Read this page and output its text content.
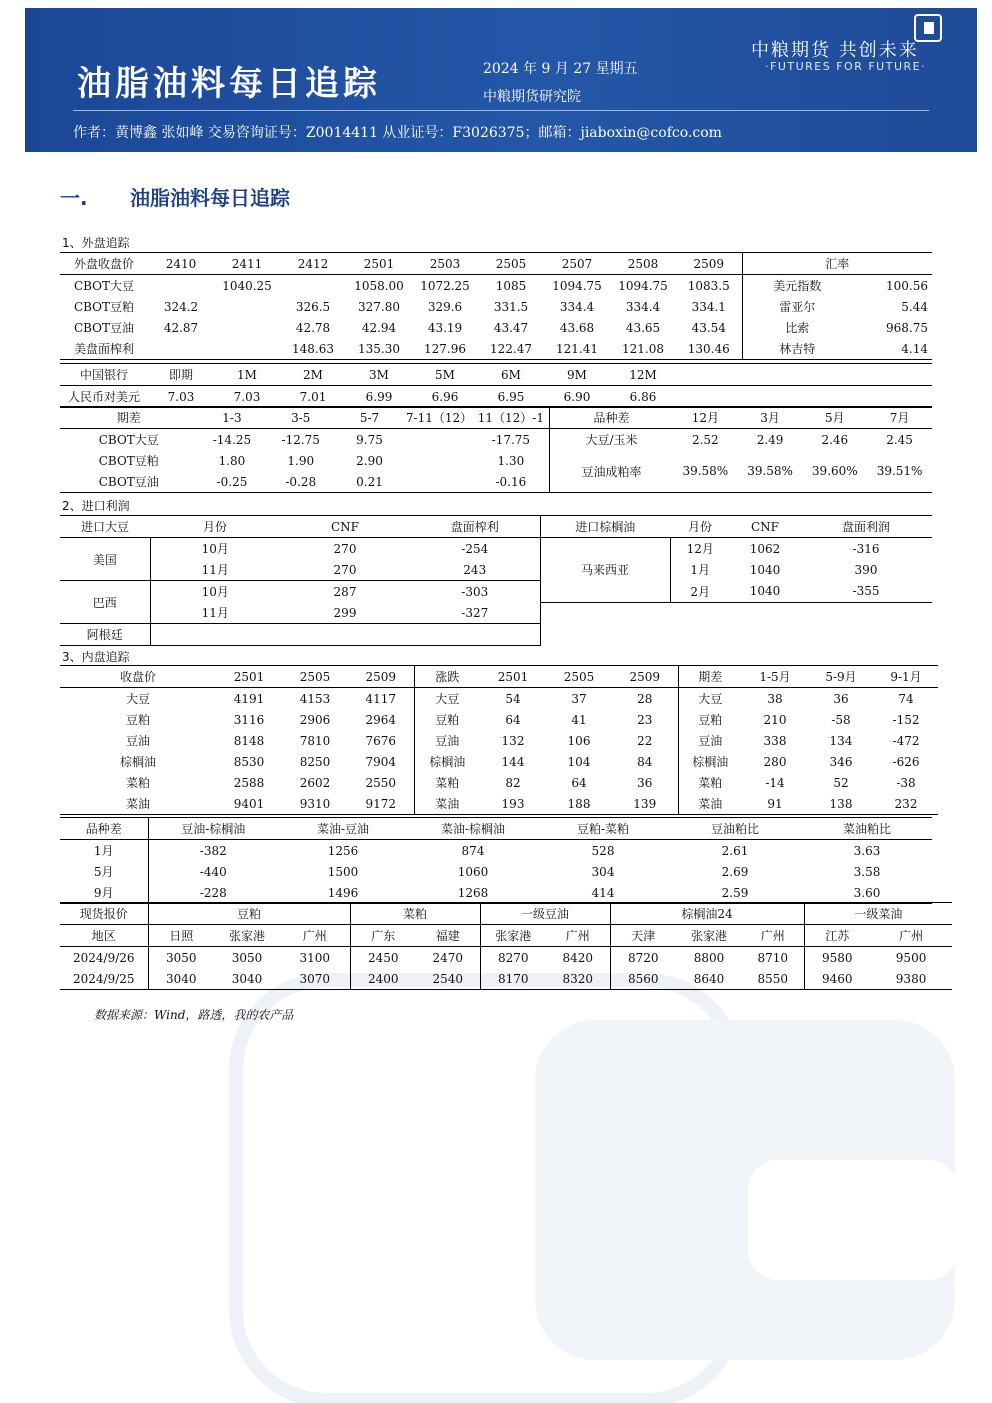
油脂油料每日追踪	2024 年 9 月 27 星期五
中粮期货研究院
中粮期货 共创未来
·FUTURES FOR FUTURE·
作者：黄博鑫 张如峰 交易咨询证号：Z0014411 从业证号：F3026375；邮箱：jiaboxin@cofco.com
一. 油脂油料每日追踪
1、外盘追踪
2、进口利润
3、内盘追踪
外盘收盘价	2410	2411	2412	2501	2503	2505	2507	2508	2509	汇率	
CBOT大豆		1040.25		1058.00	1072.25	1085	1094.75	1094.75	1083.5	美元指数	100.56
CBOT豆粕	324.2		326.5	327.80	329.6	331.5	334.4	334.4	334.1	雷亚尔	5.44
CBOT豆油	42.87		42.78	42.94	43.19	43.47	43.68	43.65	43.54	比索	968.75
美盘面榨利			148.63	135.30	127.96	122.47	121.41	121.08	130.46	林吉特	4.14
中国银行	即期	1M	2M	3M	5M	6M	9M	12M	
人民币对美元	7.03	7.03	7.01	6.99	6.96	6.95	6.90	6.86	
期差	1-3	3-5	5-7	7-11（12）	11（12）-1	品种差	12月	3月	5月	7月
CBOT大豆	-14.25	-12.75	9.75		-17.75	大豆/玉米	2.52	2.49	2.46	2.45
CBOT豆粕	1.80	1.90	2.90		1.30	豆油成粕率	39.58%	39.58%	39.60%	39.51%
CBOT豆油	-0.25	-0.28	0.21		-0.16					
进口大豆	月份	CNF	盘面榨利	进口棕榈油	月份	CNF	盘面利润
美国	10月	270	-254	马来西亚	12月	1062	-316
	11月	270	243		1月	1040	390
巴西	10月	287	-303		2月	1040	-355
	11月	299	-327				
阿根廷							
收盘价	2501	2505	2509	涨跌	2501	2505	2509	期差	1-5月	5-9月	9-1月
大豆	4191	4153	4117	大豆	54	37	28	大豆	38	36	74
豆粕	3116	2906	2964	豆粕	64	41	23	豆粕	210	-58	-152
豆油	8148	7810	7676	豆油	132	106	22	豆油	338	134	-472
棕榈油	8530	8250	7904	棕榈油	144	104	84	棕榈油	280	346	-626
菜粕	2588	2602	2550	菜粕	82	64	36	菜粕	-14	52	-38
菜油	9401	9310	9172	菜油	193	188	139	菜油	91	138	232
品种差	豆油-棕榈油	菜油-豆油	菜油-棕榈油	豆粕-菜粕	豆油粕比	菜油粕比
1月	-382	1256	874	528	2.61	3.63
5月	-440	1500	1060	304	2.69	3.58
9月	-228	1496	1268	414	2.59	3.60
现货报价	豆粕			菜粕		一级豆油		棕榈油24			一级菜油	
地区	日照	张家港	广州	广东	福建	张家港	广州	天津	张家港	广州	江苏	广州
2024/9/26	3050	3050	3100	2450	2470	8270	8420	8720	8800	8710	9580	9500
2024/9/25	3040	3040	3070	2400	2540	8170	8320	8560	8640	8550	9460	9380
数据来源：Wind，路透，我的农产品
